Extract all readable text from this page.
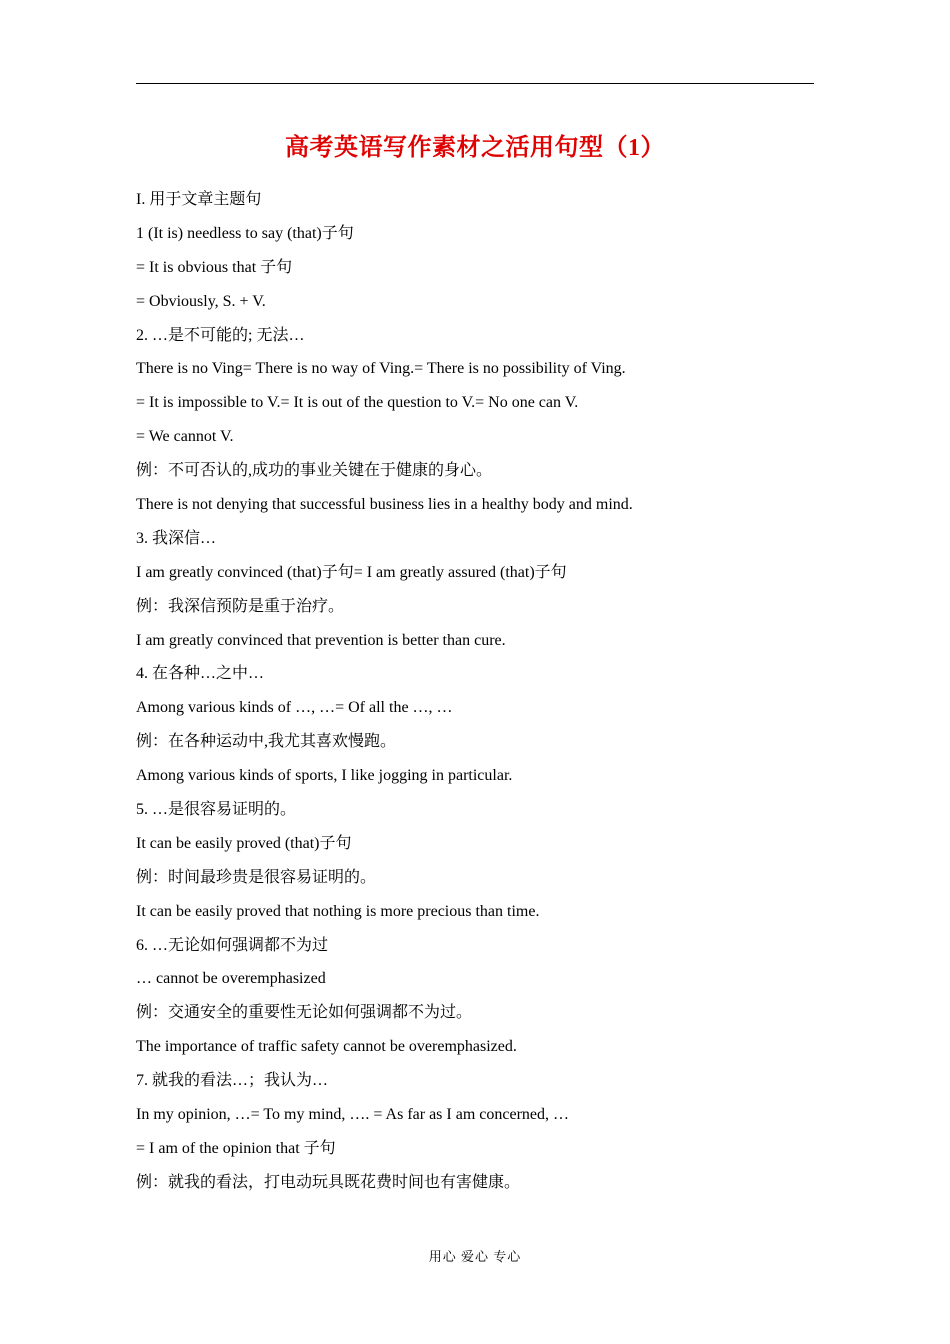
高考英语写作素材之活用句型（1）
I. 用于文章主题句
1 (It is) needless to say (that)子句
= It is obvious that 子句
= Obviously, S. + V.
2. …是不可能的; 无法…
There is no Ving= There is no way of Ving.= There is no possibility of Ving.
= It is impossible to V.= It is out of the question to V.= No one can V.
= We cannot V.
例：不可否认的,成功的事业关键在于健康的身心。
There is not denying that successful business lies in a healthy body and mind.
3. 我深信…
I am greatly convinced (that)子句= I am greatly assured (that)子句
例：我深信预防是重于治疗。
I am greatly convinced that prevention is better than cure.
4. 在各种…之中…
Among various kinds of …, …= Of all the …, …
例：在各种运动中,我尤其喜欢慢跑。
Among various kinds of sports, I like jogging in particular.
5. …是很容易证明的。
It can be easily proved (that)子句
例：时间最珍贵是很容易证明的。
It can be easily proved that nothing is more precious than time.
6. …无论如何强调都不为过
… cannot be overemphasized
例：交通安全的重要性无论如何强调都不为过。
The importance of traffic safety cannot be overemphasized.
7. 就我的看法…；我认为…
In my opinion, …= To my mind, …. = As far as I am concerned, …
= I am of the opinion that 子句
例：就我的看法，打电动玩具既花费时间也有害健康。
用心 爱心 专心
